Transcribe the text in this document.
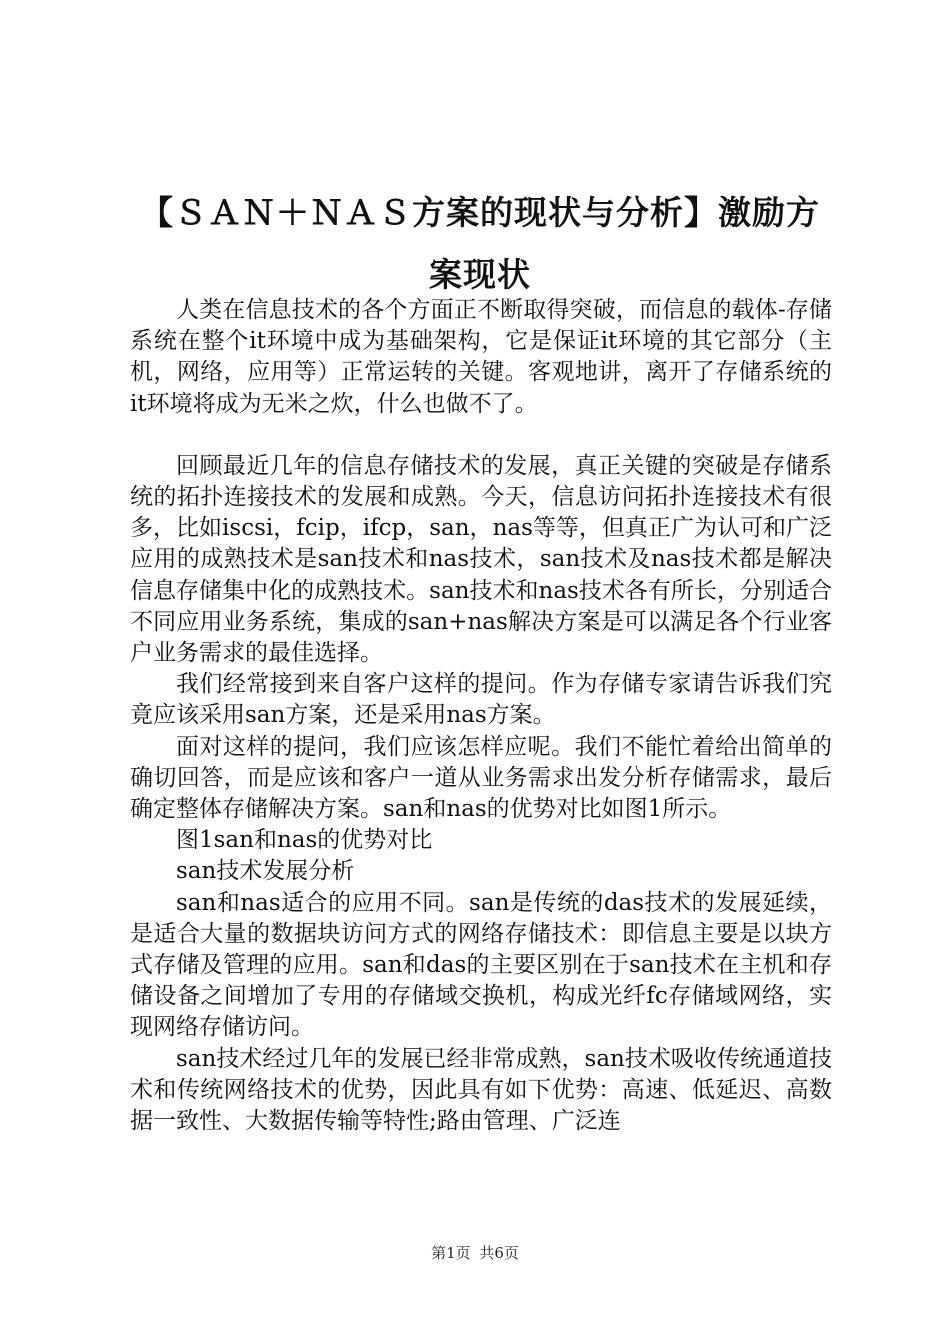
【ＳＡＮ＋ＮＡＳ方案的现状与分析】激励方
案现状

人类在信息技术的各个方面正不断取得突破，而信息的载体-存储系统在整个it环境中成为基础架构，它是保证it环境的其它部分（主机，网络，应用等）正常运转的关键。客观地讲，离开了存储系统的it环境将成为无米之炊，什么也做不了。

回顾最近几年的信息存储技术的发展，真正关键的突破是存储系统的拓扑连接技术的发展和成熟。今天，信息访问拓扑连接技术有很多，比如iscsi，fcip，ifcp，san，nas等等，但真正广为认可和广泛应用的成熟技术是san技术和nas技术，san技术及nas技术都是解决信息存储集中化的成熟技术。san技术和nas技术各有所长，分别适合不同应用业务系统，集成的san+nas解决方案是可以满足各个行业客户业务需求的最佳选择。

我们经常接到来自客户这样的提问。作为存储专家请告诉我们究竟应该采用san方案，还是采用nas方案。

面对这样的提问，我们应该怎样应呢。我们不能忙着给出简单的确切回答，而是应该和客户一道从业务需求出发分析存储需求，最后确定整体存储解决方案。san和nas的优势对比如图1所示。

图1san和nas的优势对比

san技术发展分析

san和nas适合的应用不同。san是传统的das技术的发展延续，是适合大量的数据块访问方式的网络存储技术：即信息主要是以块方式存储及管理的应用。san和das的主要区别在于san技术在主机和存储设备之间增加了专用的存储域交换机，构成光纤fc存储域网络，实现网络存储访问。

san技术经过几年的发展已经非常成熟，san技术吸收传统通道技术和传统网络技术的优势，因此具有如下优势：高速、低延迟、高数据一致性、大数据传输等特性;路由管理、广泛连

第1页 共6页
